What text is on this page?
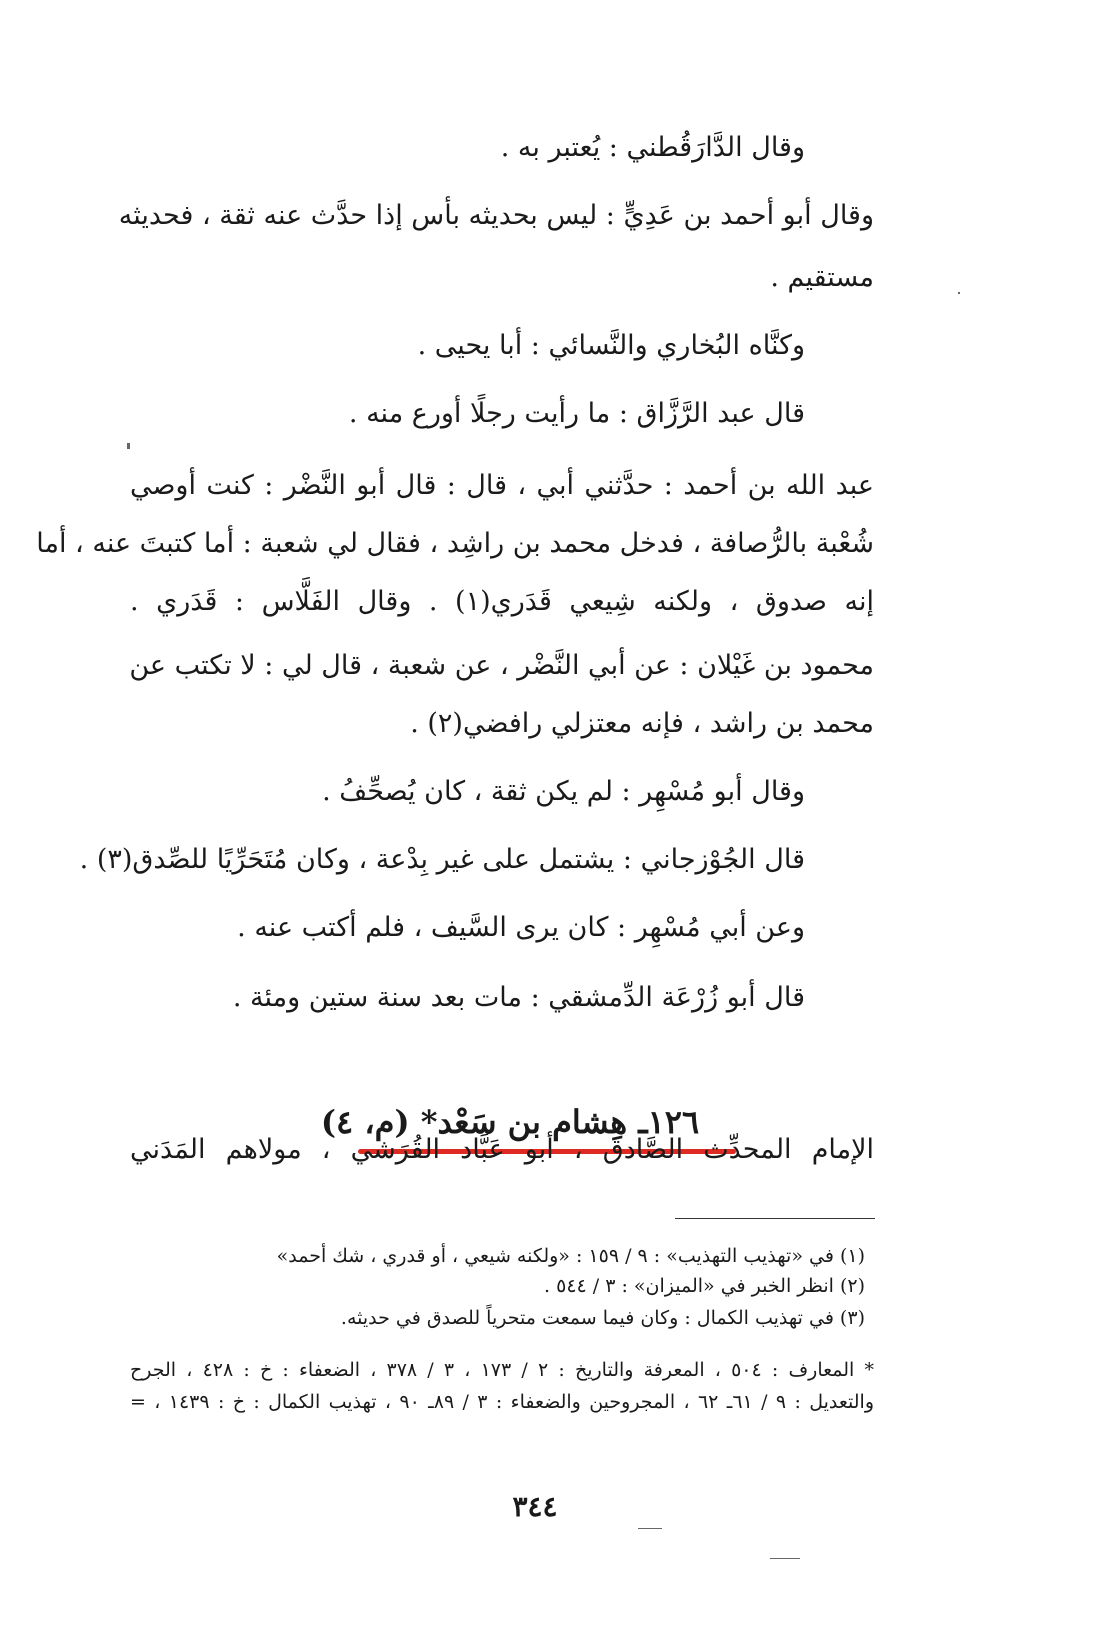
وقال الدَّارَقُطني : يُعتبر به .
وقال أبو أحمد بن عَدِيٍّ : ليس بحديثه بأس إذا حدَّث عنه ثقة ، فحديثه
مستقيم .
وكنَّاه البُخاري والنَّسائي : أبا يحيى .
قال عبد الرَّزَّاق : ما رأيت رجلًا أورع منه .
عبد الله بن أحمد : حدَّثني أبي ، قال : قال أبو النَّضْر : كنت أوصي
شُعْبة بالرُّصافة ، فدخل محمد بن راشِد ، فقال لي شعبة : أما كتبتَ عنه ، أما
إنه صدوق ، ولكنه شِيعي قَدَري(١) . وقال الفَلَّاس : قَدَري .
محمود بن غَيْلان : عن أبي النَّضْر ، عن شعبة ، قال لي : لا تكتب عن
محمد بن راشد ، فإنه معتزلي رافضي(٢) .
وقال أبو مُسْهِر : لم يكن ثقة ، كان يُصحِّفُ .
قال الجُوْزجاني : يشتمل على غير بِدْعة ، وكان مُتَحَرِّيًا للصِّدق(٣) .
وعن أبي مُسْهِر : كان يرى السَّيف ، فلم أكتب عنه .
قال أبو زُرْعَة الدِّمشقي : مات بعد سنة ستين ومئة .
١٢٦ـ هِشام بن سَعْد* (م، ٤)
الإمام المحدِّث الصَّادق ، أبو عَبَّاد القُرَشي ، مولاهم المَدَني
(١) في «تهذيب التهذيب» : ٩ / ١٥٩ : «ولكنه شيعي ، أو قدري ، شك أحمد»
(٢) انظر الخبر في «الميزان» : ٣ / ٥٤٤ .
(٣) في تهذيب الكمال : وكان فيما سمعت متحرياً للصدق في حديثه.
* المعارف : ٥٠٤ ، المعرفة والتاريخ : ٢ / ١٧٣ ، ٣ / ٣٧٨ ، الضعفاء : خ : ٤٢٨ ، الجرح
والتعديل : ٩ / ٦١ـ ٦٢ ، المجروحين والضعفاء : ٣ / ٨٩ـ ٩٠ ، تهذيب الكمال : خ : ١٤٣٩ ، =
٣٤٤
